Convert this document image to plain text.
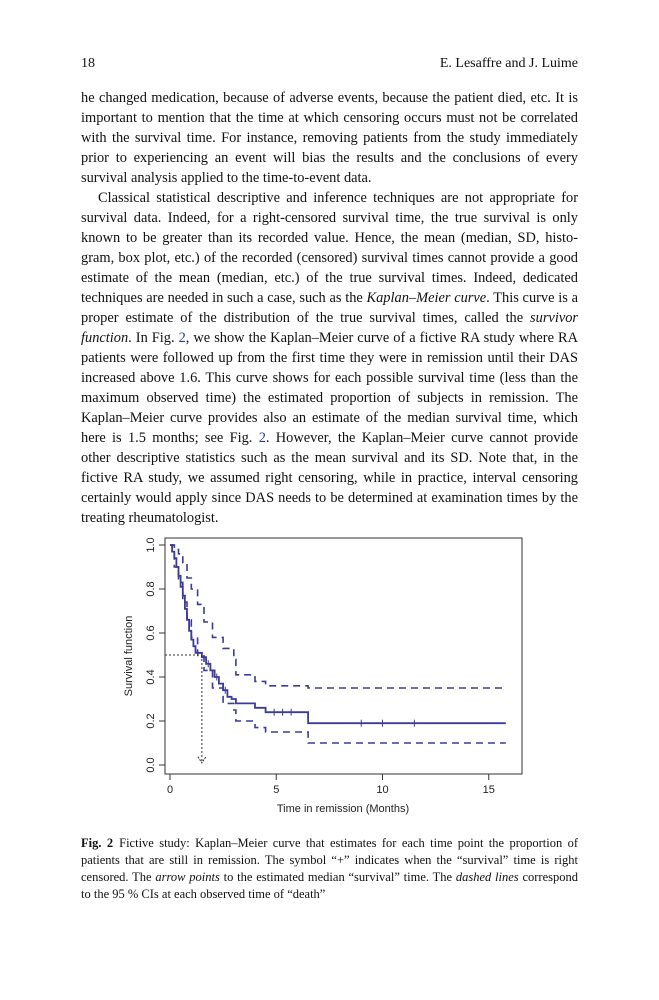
18	E. Lesaffre and J. Luime

he changed medication, because of adverse events, because the patient died, etc. It is important to mention that the time at which censoring occurs must not be correlated with the survival time. For instance, removing patients from the study immediately prior to experiencing an event will bias the results and the conclusions of every survival analysis applied to the time-to-event data.

Classical statistical descriptive and inference techniques are not appropriate for survival data. Indeed, for a right-censored survival time, the true survival is only known to be greater than its recorded value. Hence, the mean (median, SD, histogram, box plot, etc.) of the recorded (censored) survival times cannot provide a good estimate of the mean (median, etc.) of the true survival times. Indeed, dedicated techniques are needed in such a case, such as the Kaplan–Meier curve. This curve is a proper estimate of the distribution of the true survival times, called the survivor function. In Fig. 2, we show the Kaplan–Meier curve of a fictive RA study where RA patients were followed up from the first time they were in remission until their DAS increased above 1.6. This curve shows for each possible survival time (less than the maximum observed time) the estimated proportion of subjects in remission. The Kaplan–Meier curve provides also an estimate of the median survival time, which here is 1.5 months; see Fig. 2. However, the Kaplan–Meier curve cannot provide other descriptive statistics such as the mean survival and its SD. Note that, in the fictive RA study, we assumed right censoring, while in practice, interval censoring certainly would apply since DAS needs to be determined at examination times by the treating rheumatologist.

0	5	10	15
0.0
0.2
0.4
0.6
0.8
1.0
Time in remission (Months)
Survival function
Fig. 2 Fictive study: Kaplan–Meier curve that estimates for each time point the proportion of patients that are still in remission. The symbol “+” indicates when the “survival” time is right censored. The arrow points to the estimated median “survival” time. The dashed lines correspond to the 95 % CIs at each observed time of “death”
